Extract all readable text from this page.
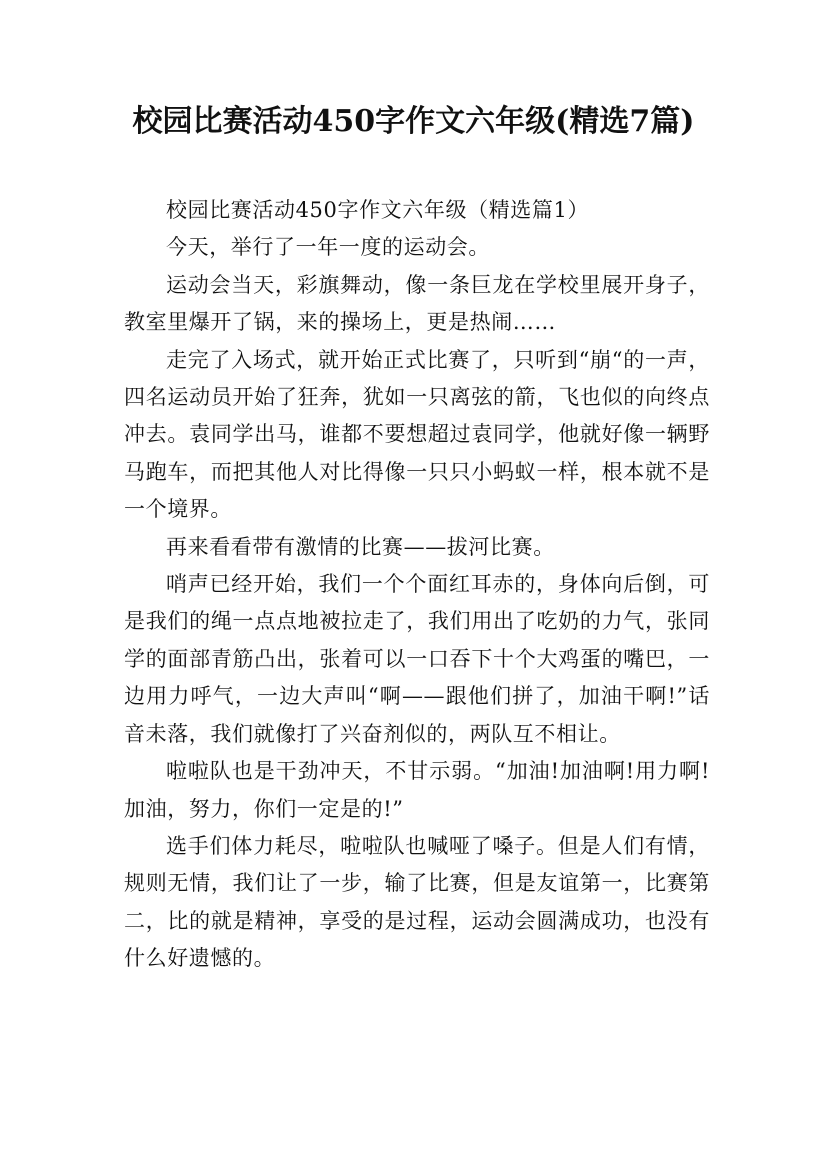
校园比赛活动450字作文六年级(精选7篇)

校园比赛活动450字作文六年级（精选篇1）

今天，举行了一年一度的运动会。

运动会当天，彩旗舞动，像一条巨龙在学校里展开身子，教室里爆开了锅，来的操场上，更是热闹……

走完了入场式，就开始正式比赛了，只听到“崩“的一声，四名运动员开始了狂奔，犹如一只离弦的箭，飞也似的向终点冲去。袁同学出马，谁都不要想超过袁同学，他就好像一辆野马跑车，而把其他人对比得像一只只小蚂蚁一样，根本就不是一个境界。

再来看看带有激情的比赛——拔河比赛。

哨声已经开始，我们一个个面红耳赤的，身体向后倒，可是我们的绳一点点地被拉走了，我们用出了吃奶的力气，张同学的面部青筋凸出，张着可以一口吞下十个大鸡蛋的嘴巴，一边用力呼气，一边大声叫“啊——跟他们拼了，加油干啊!”话音未落，我们就像打了兴奋剂似的，两队互不相让。

啦啦队也是干劲冲天，不甘示弱。“加油!加油啊!用力啊!加油，努力，你们一定是的!”

选手们体力耗尽，啦啦队也喊哑了嗓子。但是人们有情，规则无情，我们让了一步，输了比赛，但是友谊第一，比赛第二，比的就是精神，享受的是过程，运动会圆满成功，也没有什么好遗憾的。
